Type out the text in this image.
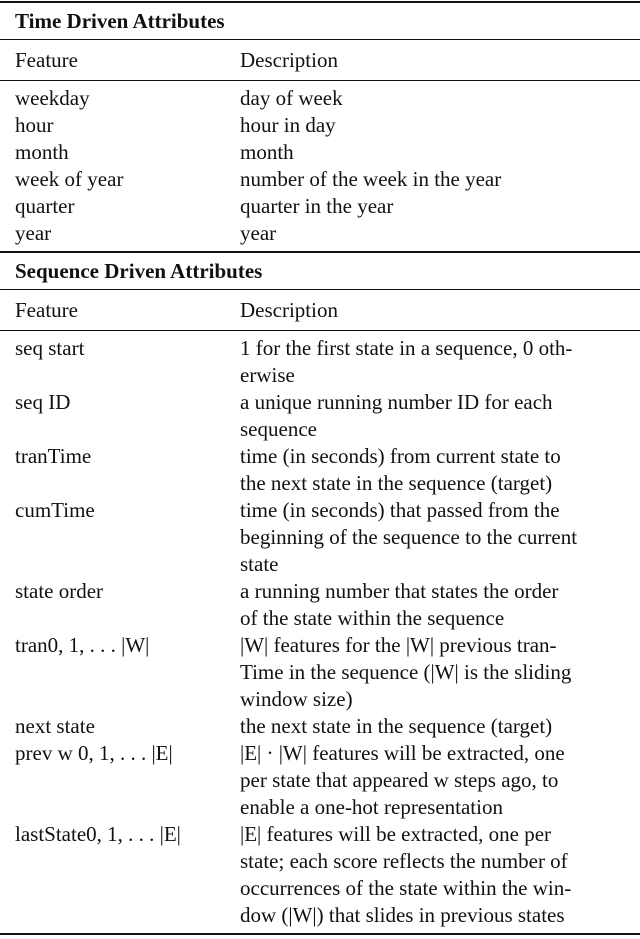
Time Driven Attributes
Feature	Description
weekday	day of week
hour	hour in day
month	month
week of year	number of the week in the year
quarter	quarter in the year
year	year
Sequence Driven Attributes
Feature	Description
seq start	1 for the first state in a sequence, 0 oth-
erwise
seq ID	a unique running number ID for each
sequence
tranTime	time (in seconds) from current state to
the next state in the sequence (target)
cumTime	time (in seconds) that passed from the
beginning of the sequence to the current
state
state order	a running number that states the order
of the state within the sequence
tran0, 1, . . . |W|	|W| features for the |W| previous tran-
Time in the sequence (|W| is the sliding
window size)
next state	the next state in the sequence (target)
prev w 0, 1, . . . |E|	|E| · |W| features will be extracted, one
per state that appeared w steps ago, to
enable a one-hot representation
lastState0, 1, . . . |E|	|E| features will be extracted, one per
state; each score reflects the number of
occurrences of the state within the win-
dow (|W|) that slides in previous states
